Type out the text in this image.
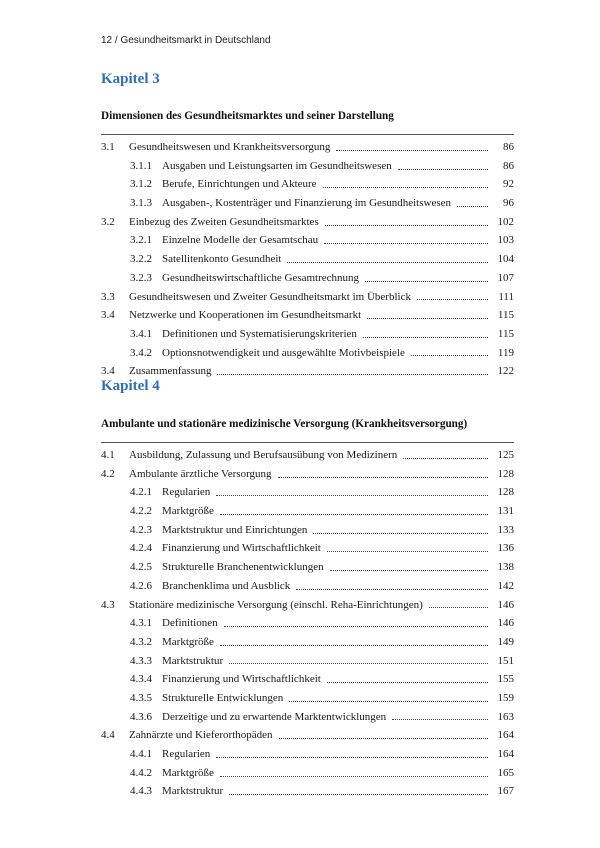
12 / Gesundheitsmarkt in Deutschland
Kapitel 3
Dimensionen des Gesundheitsmarktes und seiner Darstellung
3.1	Gesundheitswesen und Krankheitsversorgung	86
3.1.1 Ausgaben und Leistungsarten im Gesundheitswesen	86
3.1.2 Berufe, Einrichtungen und Akteure	92
3.1.3 Ausgaben-, Kostenträger und Finanzierung im Gesundheitswesen	96
3.2	Einbezug des Zweiten Gesundheitsmarktes	102
3.2.1 Einzelne Modelle der Gesamtschau	103
3.2.2 Satellitenkonto Gesundheit	104
3.2.3 Gesundheitswirtschaftliche Gesamtrechnung	107
3.3	Gesundheitswesen und Zweiter Gesundheitsmarkt im Überblick	111
3.4	Netzwerke und Kooperationen im Gesundheitsmarkt	115
3.4.1 Definitionen und Systematisierungskriterien	115
3.4.2 Optionsnotwendigkeit und ausgewählte Motivbeispiele	119
3.4	Zusammenfassung	122
Kapitel 4
Ambulante und stationäre medizinische Versorgung (Krankheitsversorgung)
4.1	Ausbildung, Zulassung und Berufsausübung von Medizinern	125
4.2	Ambulante ärztliche Versorgung	128
4.2.1 Regularien	128
4.2.2 Marktgröße	131
4.2.3 Marktstruktur und Einrichtungen	133
4.2.4 Finanzierung und Wirtschaftlichkeit	136
4.2.5 Strukturelle Branchenentwicklungen	138
4.2.6 Branchenklima und Ausblick	142
4.3	Stationäre medizinische Versorgung (einschl. Reha-Einrichtungen)	146
4.3.1 Definitionen	146
4.3.2 Marktgröße	149
4.3.3 Marktstruktur	151
4.3.4 Finanzierung und Wirtschaftlichkeit	155
4.3.5 Strukturelle Entwicklungen	159
4.3.6 Derzeitige und zu erwartende Marktentwicklungen	163
4.4	Zahnärzte und Kieferorthopäden	164
4.4.1 Regularien	164
4.4.2 Marktgröße	165
4.4.3 Marktstruktur	167
